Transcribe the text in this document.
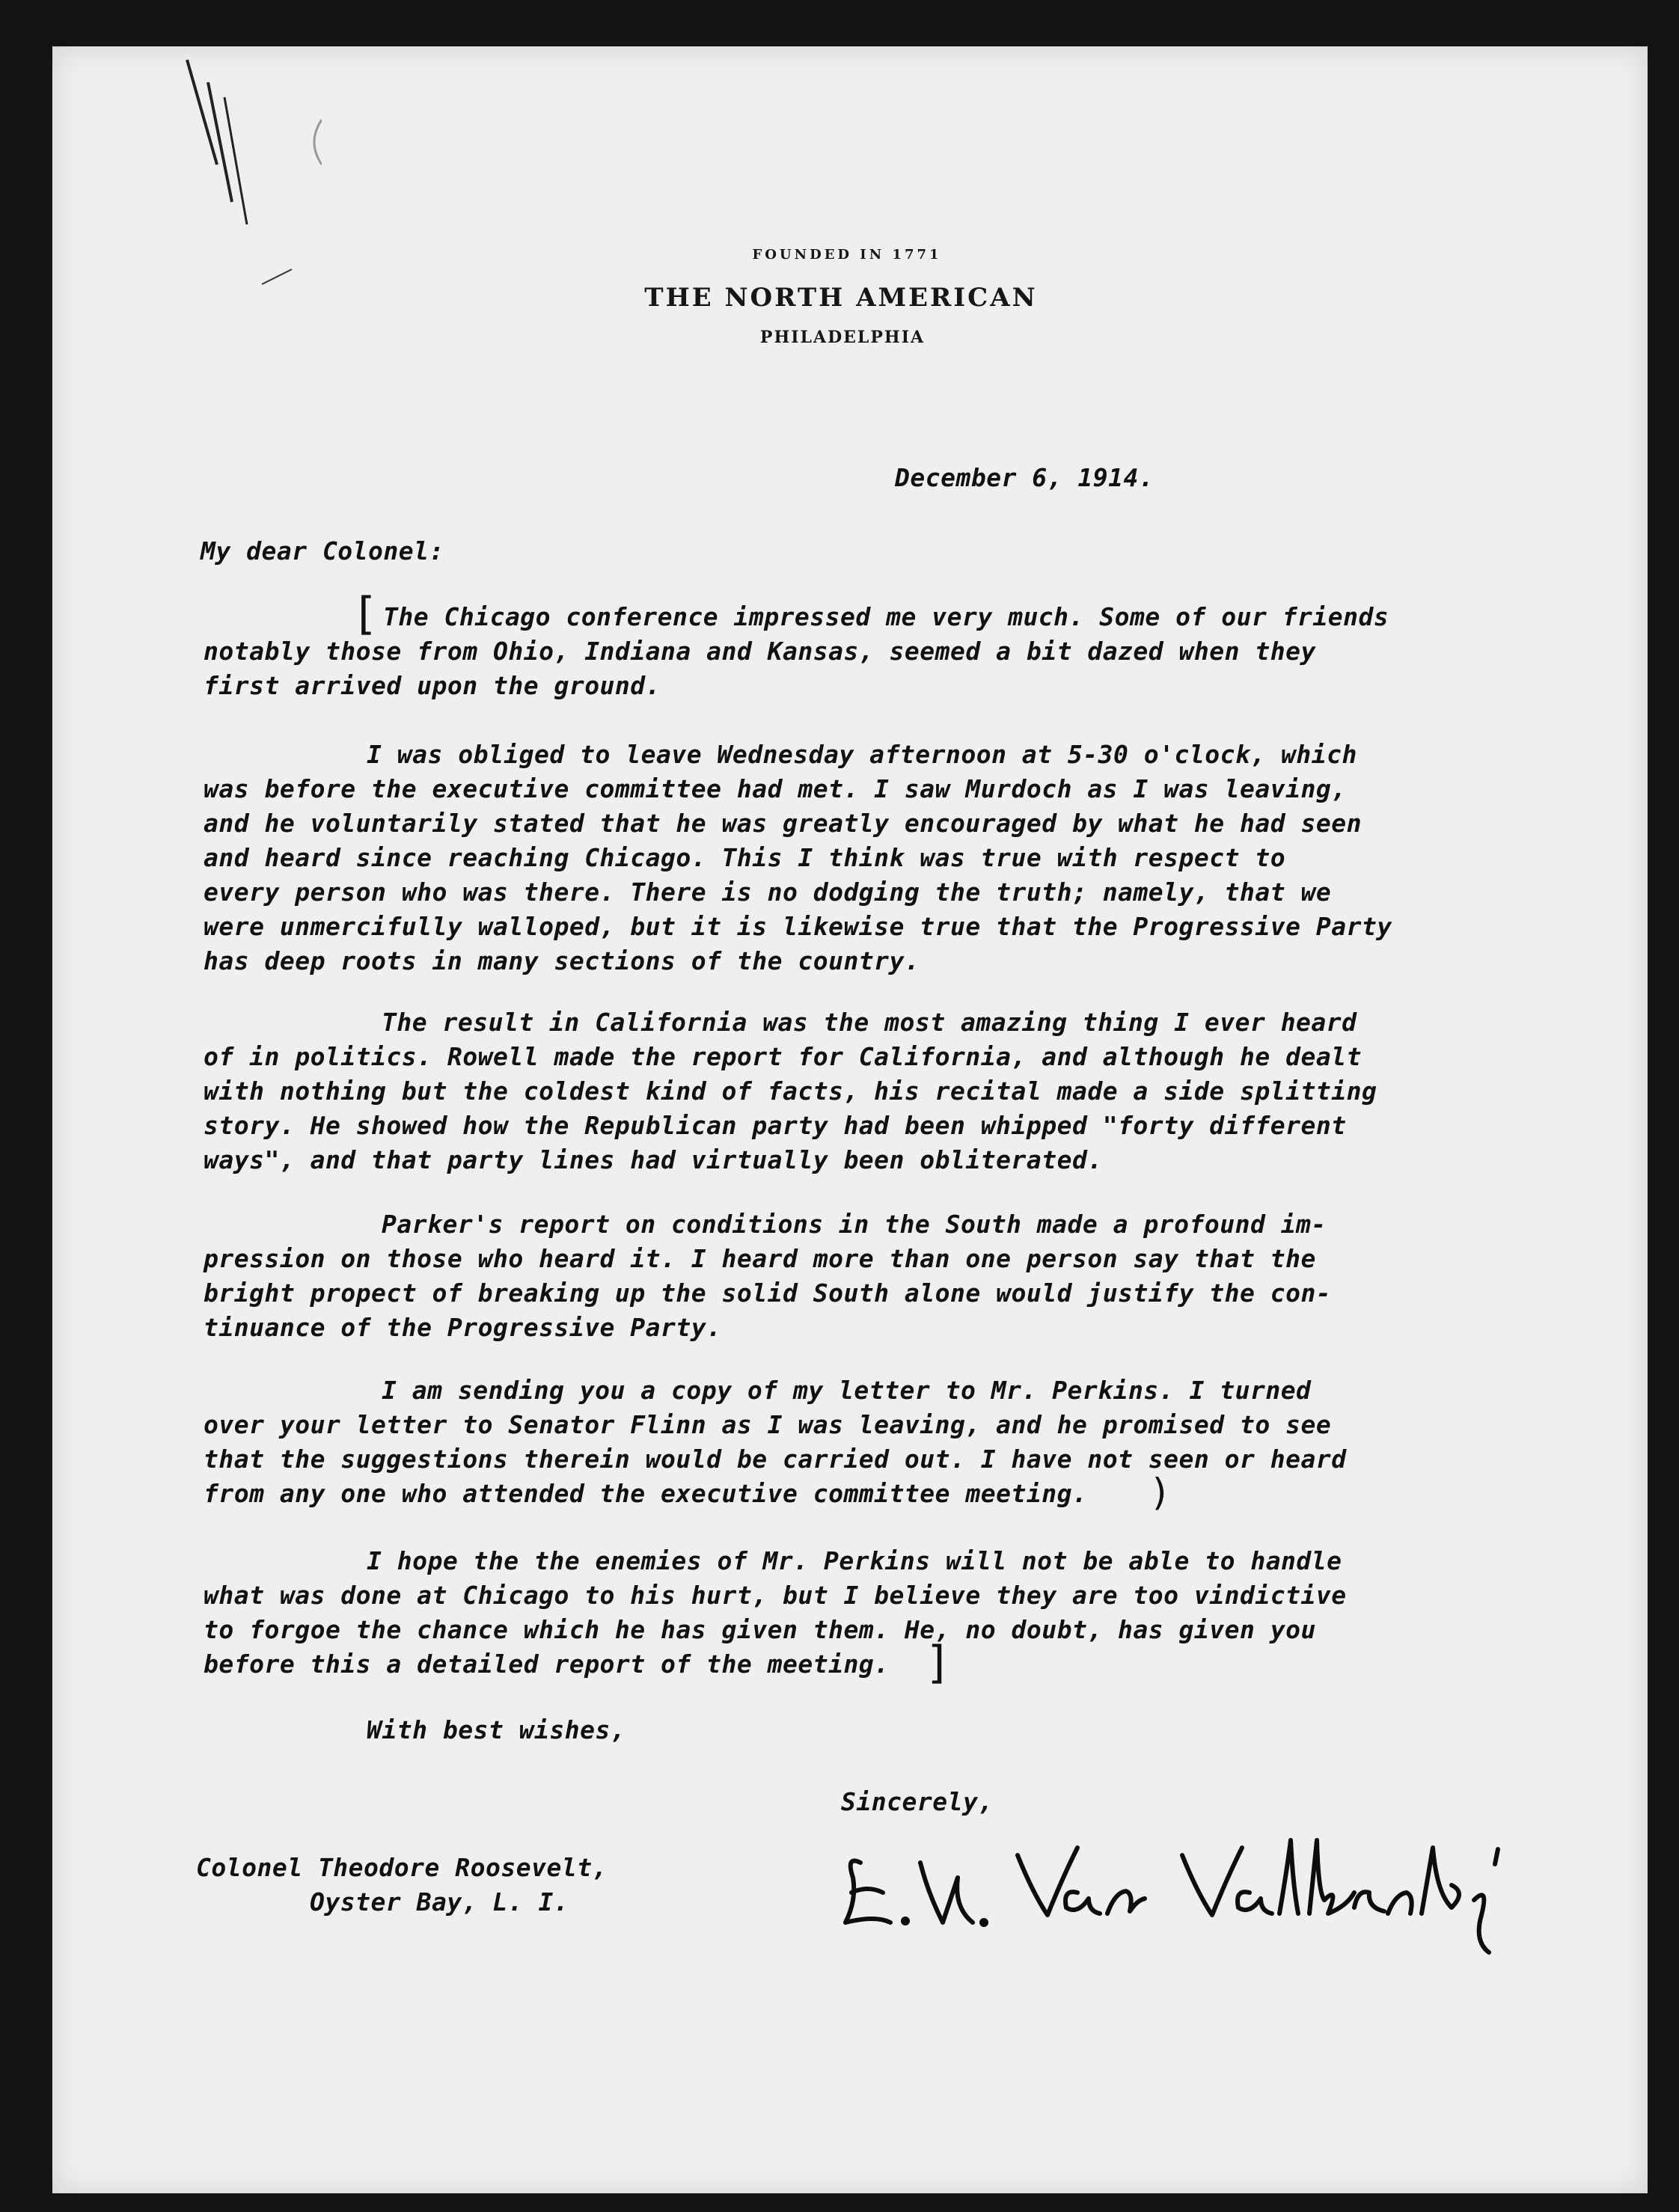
FOUNDED IN 1771
THE NORTH AMERICAN
PHILADELPHIA
December 6, 1914.
My dear Colonel:
[ The Chicago conference impressed me very much. Some of our friends
notably those from Ohio, Indiana and Kansas, seemed a bit dazed when they
first arrived upon the ground.
I was obliged to leave Wednesday afternoon at 5-30 o'clock, which
was before the executive committee had met. I saw Murdoch as I was leaving,
and he voluntarily stated that he was greatly encouraged by what he had seen
and heard since reaching Chicago. This I think was true with respect to
every person who was there. There is no dodging the truth; namely, that we
were unmercifully walloped, but it is likewise true that the Progressive Party
has deep roots in many sections of the country.
The result in California was the most amazing thing I ever heard
of in politics. Rowell made the report for California, and although he dealt
with nothing but the coldest kind of facts, his recital made a side splitting
story. He showed how the Republican party had been whipped "forty different
ways", and that party lines had virtually been obliterated.
Parker's report on conditions in the South made a profound im-
pression on those who heard it. I heard more than one person say that the
bright propect of breaking up the solid South alone would justify the con-
tinuance of the Progressive Party.
I am sending you a copy of my letter to Mr. Perkins. I turned
over your letter to Senator Flinn as I was leaving, and he promised to see
that the suggestions therein would be carried out. I have not seen or heard
from any one who attended the executive committee meeting. )
I hope the the enemies of Mr. Perkins will not be able to handle
what was done at Chicago to his hurt, but I believe they are too vindictive
to forgoe the chance which he has given them. He, no doubt, has given you
before this a detailed report of the meeting. ]
With best wishes,
Sincerely,
Colonel Theodore Roosevelt,
Oyster Bay, L. I.
